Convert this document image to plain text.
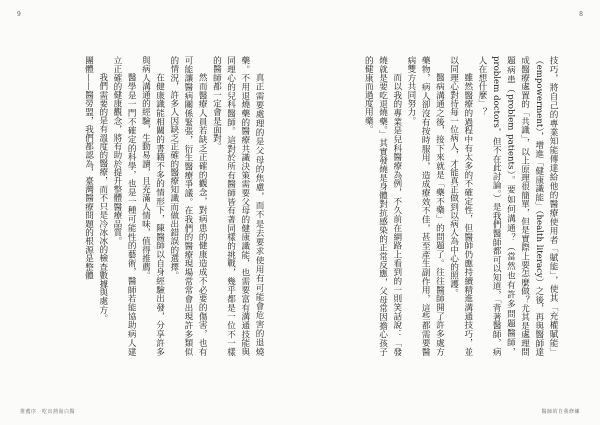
9

真正需要處理的是父母的焦慮，而不是去要求使用有可能會危害的退燒藥。不用退燒藥的醫療共識決策需要父母的健康識能，也需要富有溝通技能與同理心的兒科醫師。這對於所有醫師皆有著同樣的挑戰，幾乎都是一位不一樣的醫師都一定會是面對。

然而醫療人員若缺乏正確的觀念，對病患的健康造成不必要的傷害，也有可能讓醫病關係緊張，衍生醫療爭議。在我們的醫療現場常常會出現許多類似的情況，許多人因缺乏正確的醫療知識而做出錯誤的選擇。

在健康識能相關的書籍不多的情形下，陳醫師以自身經驗出發，分享許多與病人溝通的經驗，生動易讀，且充滿人情味，值得推薦。

醫學是一門不確定的科學，也是一種可能性的藝術，醫師若能協助病人建立正確的健康觀念，將有助於提升整體醫療品質。

我們需要的是有溫度的醫療，而不只是冷冰冰的檢查數據與處方。

團體——醫勞盟，我們都認為，臺灣醫療問題的根源是整體

推薦序　吃出熱血白醫
8

技巧，將自己的專業知能傳達給他的醫療使用者「賦能」，使其「充權賦能」（empowerment），增進「健康識能」（health literacy）之後，再與醫師達成醫療處置的「共識」，以上原理很簡單，但是實際上要怎麼做？尤其是處理問題病患（problem patients）。要如何溝通？（當然也有許多問題醫師，problem doctors，但不在此討論。）是我們醫師都可以知道，「背著醫師，病人在想什麼」？

雖然醫療的過程中有太多的不確定性，但醫師仍應持續精進溝通技巧，並以同理心對待每一位病人，才能真正做到以病人為中心的照護。

醫病溝通之後，接下來就是「藥不藥」的問題了。往往醫師開了許多處方藥物，病人卻沒有按時服用，造成療效不佳，甚至產生副作用，這些都需要醫病雙方共同努力。

而以我的專業是兒科醫療為例，不久前在網路上看到的一則笑話說：「發燒就是要吃退燒藥。」其實發燒是身體對抗感染的正常反應，父母常因擔心孩子的健康而過度用藥。

醫師的自我修練
